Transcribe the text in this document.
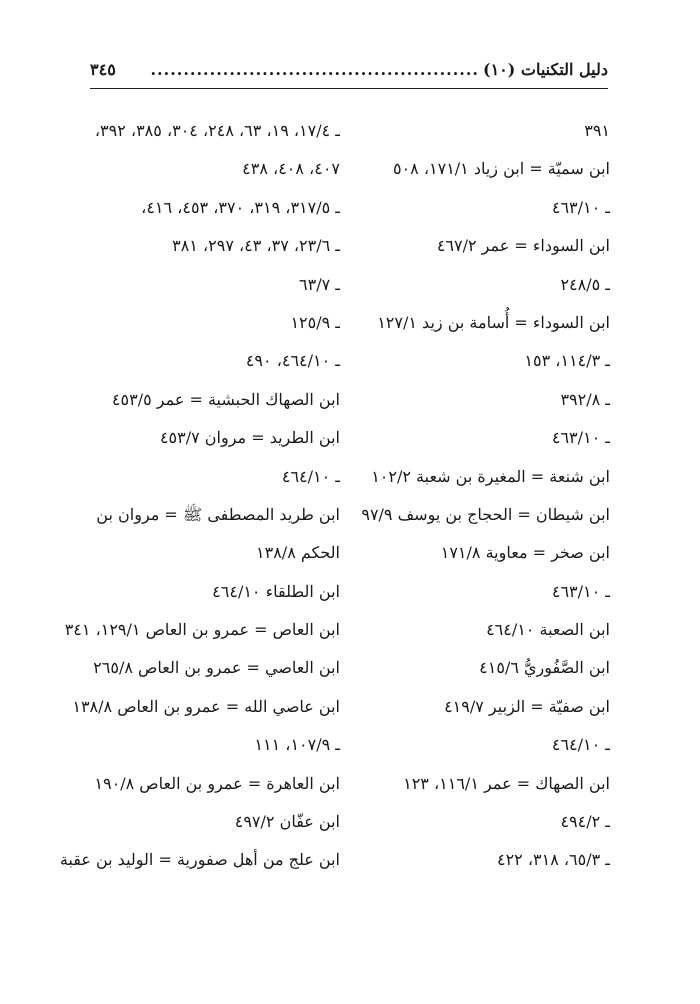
دليل التكنيات (١٠)
..................................................
٣٤٥
٣٩١
ابن سميّة = ابن زياد ١٧١/١، ٥٠٨
ـ ٤٦٣/١٠
ابن السوداء = عمر ٤٦٧/٢
ـ ٢٤٨/٥
ابن السوداء = أُسامة بن زيد ١٢٧/١
ـ ١١٤/٣، ١٥٣
ـ ٣٩٢/٨
ـ ٤٦٣/١٠
ابن شنعة = المغيرة بن شعبة ١٠٢/٢
ابن شيطان = الحجاج بن يوسف ٩٧/٩
ابن صخر = معاوية ١٧١/٨
ـ ٤٦٣/١٠
ابن الصعبة ٤٦٤/١٠
ابن الصَّفُوريُّ ٤١٥/٦
ابن صفيّة = الزبير ٤١٩/٧
ـ ٤٦٤/١٠
ابن الصهاك = عمر ١١٦/١، ١٢٣
ـ ٤٩٤/٢
ـ ٦٥/٣، ٣١٨، ٤٢٢
ـ ١٧/٤، ١٩، ٦٣، ٢٤٨، ٣٠٤، ٣٨٥، ٣٩٢،
٤٠٧، ٤٠٨، ٤٣٨
ـ ٣١٧/٥، ٣١٩، ٣٧٠، ٤٥٣، ٤١٦،
ـ ٢٣/٦، ٣٧، ٤٣، ٢٩٧، ٣٨١
ـ ٦٣/٧
ـ ١٢٥/٩
ـ ٤٦٤/١٠، ٤٩٠
ابن الصهاك الحبشية = عمر ٤٥٣/٥
ابن الطريد = مروان ٤٥٣/٧
ـ ٤٦٤/١٠
ابن طريد المصطفى ﷺ = مروان بن
الحكم ١٣٨/٨
ابن الطلقاء ٤٦٤/١٠
ابن العاص = عمرو بن العاص ١٢٩/١، ٣٤١
ابن العاصي = عمرو بن العاص ٢٦٥/٨
ابن عاصي الله = عمرو بن العاص ١٣٨/٨
ـ ١٠٧/٩، ١١١
ابن العاهرة = عمرو بن العاص ١٩٠/٨
ابن عفّان ٤٩٧/٢
ابن علج من أهل صفورية = الوليد بن عقبة
